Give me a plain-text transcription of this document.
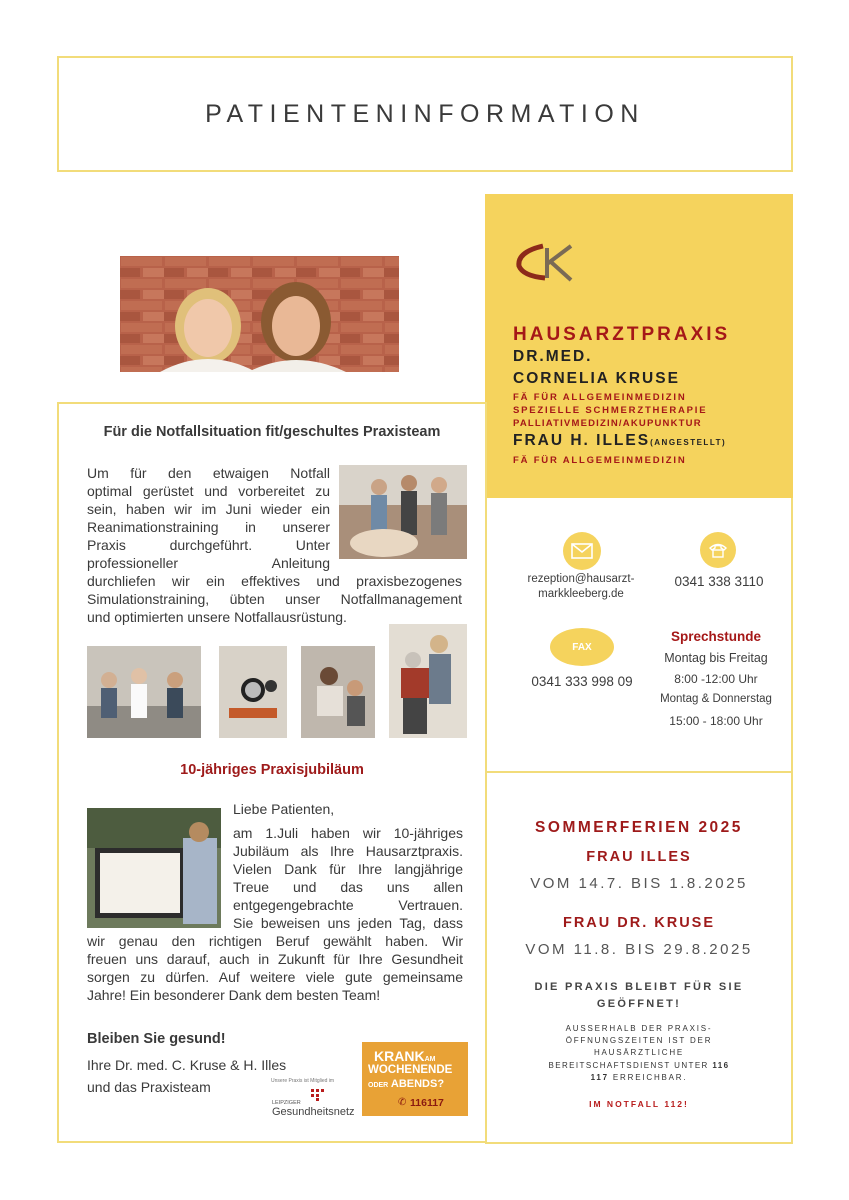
PATIENTENINFORMATION
HAUSARZTPRAXIS
DR.MED.
CORNELIA KRUSE
FÄ FÜR ALLGEMEINMEDIZIN
SPEZIELLE SCHMERZTHERAPIE
PALLIATIVMEDIZIN/AKUPUNKTUR
FRAU H. ILLES(ANGESTELLT)
FÄ FÜR ALLGEMEINMEDIZIN
rezeption@hausarzt-
markkleeberg.de
0341 338 3110
FAX
0341 333 998 09
Sprechstunde
Montag bis Freitag
8:00 -12:00 Uhr
Montag & Donnerstag
15:00 - 18:00 Uhr
Für die Notfallsituation fit/geschultes Praxisteam
Um für den etwaigen Notfall
optimal gerüstet und vorbereitet zu
sein, haben wir im Juni wieder ein
Reanimationstraining in unserer
Praxis durchgeführt. Unter
professioneller Anleitung
durchliefen wir ein effektives und praxisbezogenes
Simulationstraining, übten unser Notfallmanagement
und optimierten unsere Notfallausrüstung.
10-jähriges Praxisjubiläum
Liebe Patienten,
am 1.Juli haben wir 10-jähriges
Jubiläum als Ihre Hausarztpraxis.
Vielen Dank für Ihre langjährige
Treue und das uns allen
entgegengebrachte Vertrauen.
Sie beweisen uns jeden Tag, dass
wir genau den richtigen Beruf gewählt haben. Wir
freuen uns darauf, auch in Zukunft für Ihre Gesundheit
sorgen zu dürfen. Auf weitere viele gute gemeinsame
Jahre! Ein besonderer Dank dem besten Team!
Bleiben Sie gesund!
Ihre Dr. med. C. Kruse & H. Illes
und das Praxisteam	Unsere Praxis ist Mitglied im
LEIPZIGER
Gesundheitsnetz
KRANKAM
WOCHENENDE
ODER ABENDS?
116117
✆
SOMMERFERIEN 2025
FRAU ILLES
VOM 14.7. BIS 1.8.2025
FRAU DR. KRUSE
VOM 11.8. BIS 29.8.2025
DIE PRAXIS BLEIBT FÜR SIE
GEÖFFNET!
AUSSERHALB DER PRAXIS-
ÖFFNUNGSZEITEN IST DER
HAUSÄRZTLICHE
BEREITSCHAFTSDIENST UNTER 116
117 ERREICHBAR.
IM NOTFALL 112!
